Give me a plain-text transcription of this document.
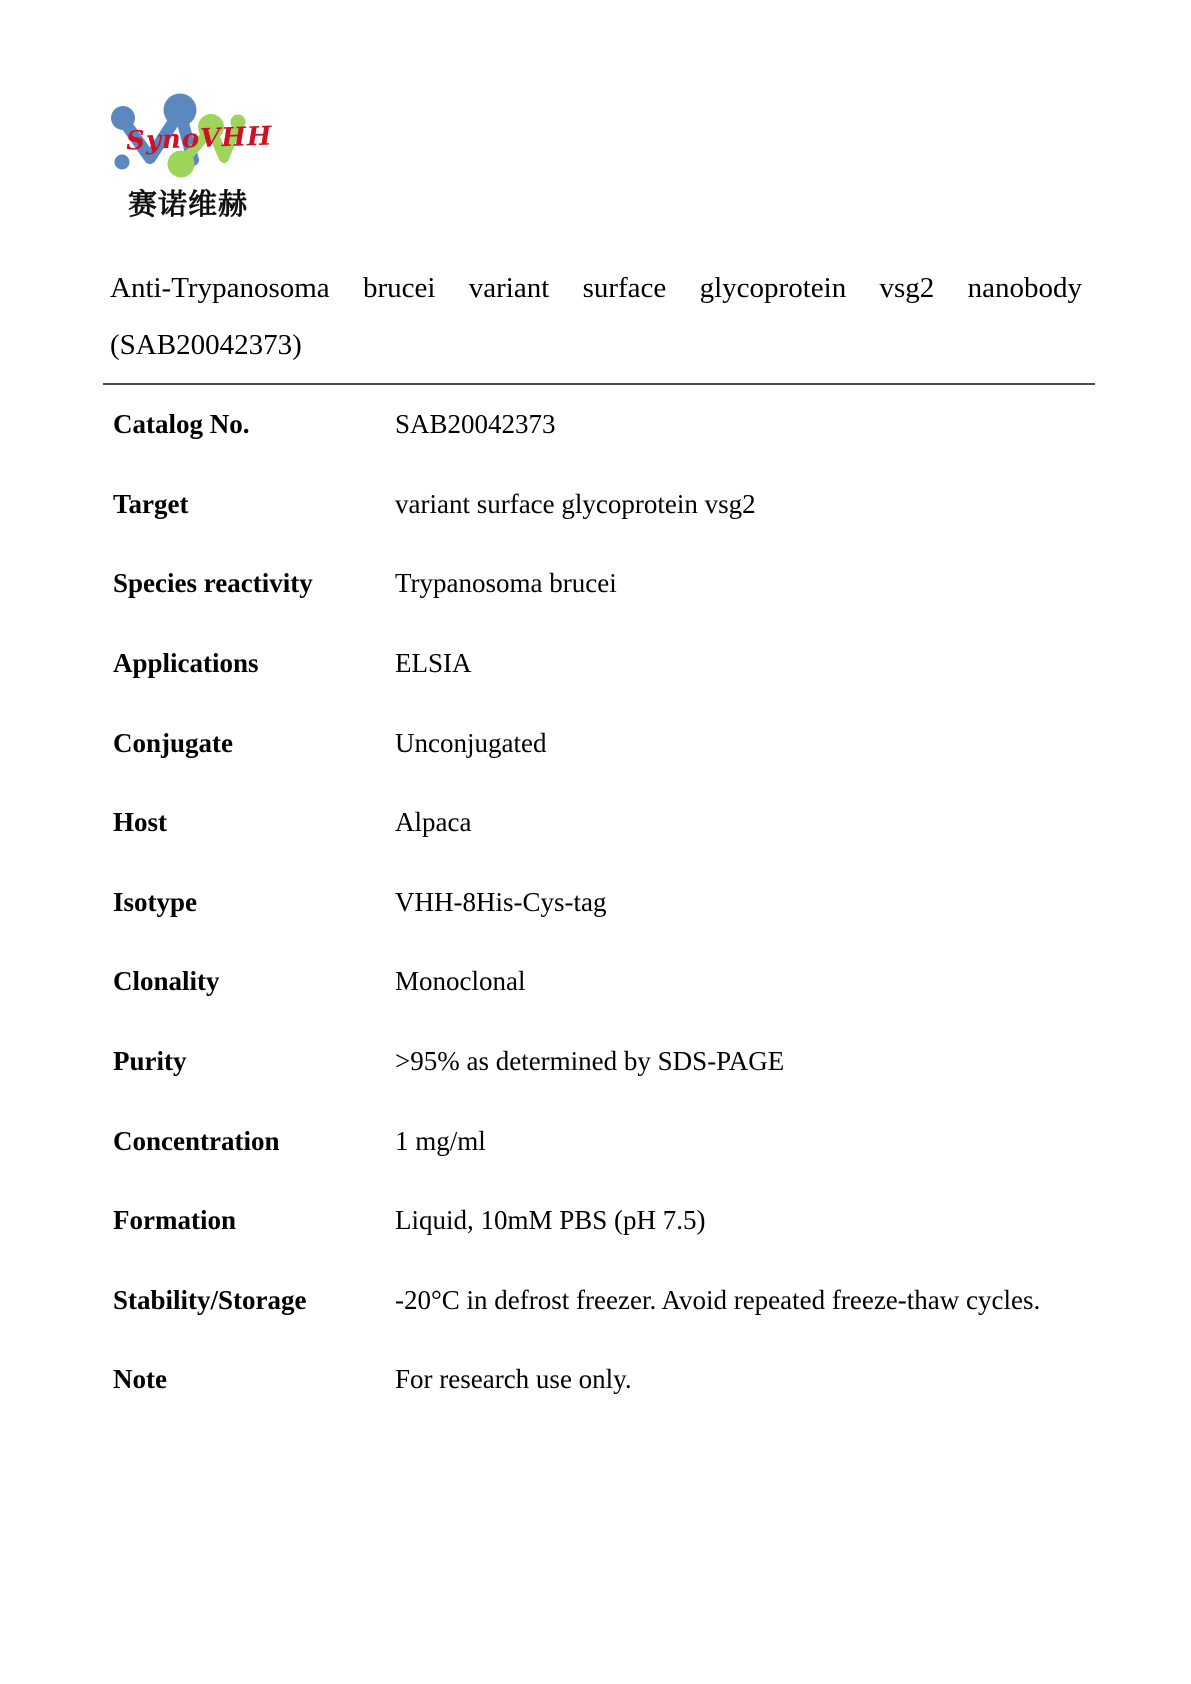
SynoVHH
赛诺维赫
Anti-Trypanosoma brucei variant surface glycoprotein vsg2 nanobody
(SAB20042373)
Catalog No.	SAB20042373
Target	variant surface glycoprotein vsg2
Species reactivity	Trypanosoma brucei
Applications	ELSIA
Conjugate	Unconjugated
Host	Alpaca
Isotype	VHH-8His-Cys-tag
Clonality	Monoclonal
Purity	>95% as determined by SDS-PAGE
Concentration	1 mg/ml
Formation	Liquid, 10mM PBS (pH 7.5)
Stability/Storage	-20°C in defrost freezer. Avoid repeated freeze-thaw cycles.
Note	For research use only.
